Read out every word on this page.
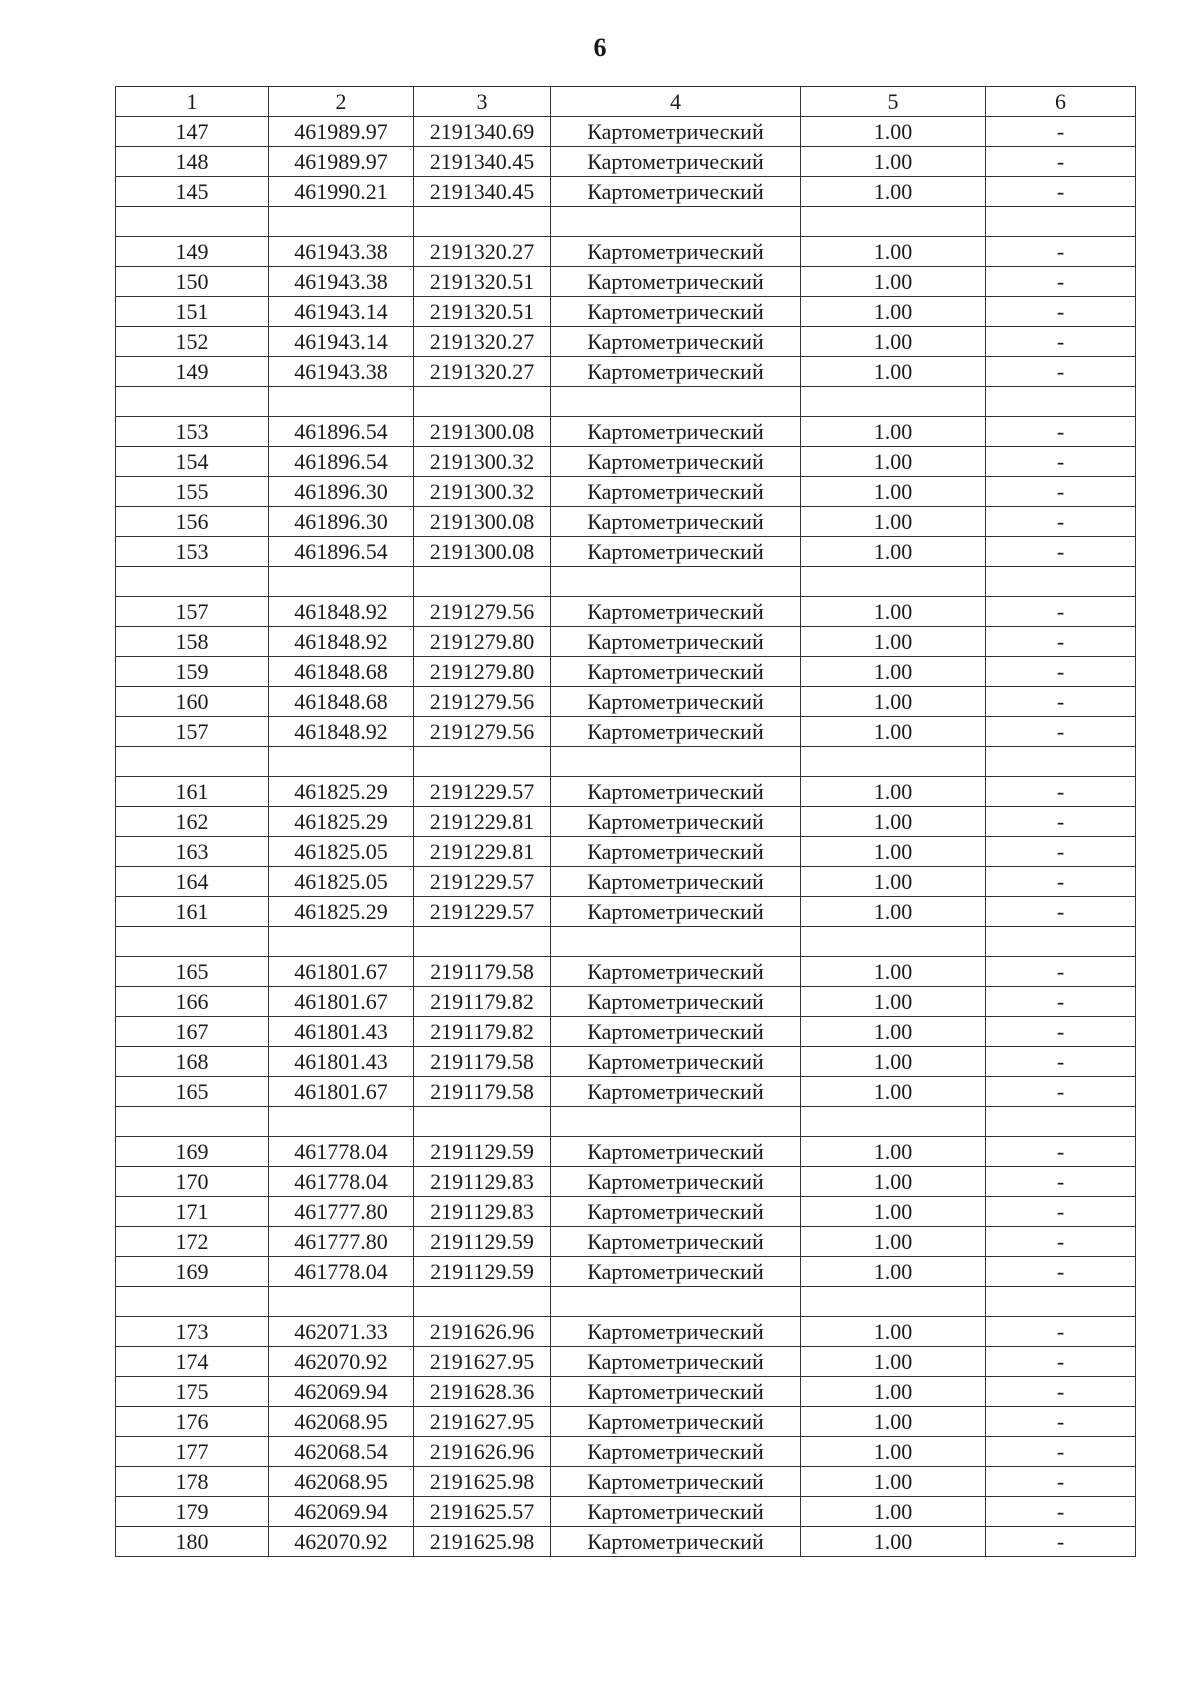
6
1	2	3	4	5	6
147	461989.97	2191340.69	Картометрический	1.00	-
148	461989.97	2191340.45	Картометрический	1.00	-
145	461990.21	2191340.45	Картометрический	1.00	-

149	461943.38	2191320.27	Картометрический	1.00	-
150	461943.38	2191320.51	Картометрический	1.00	-
151	461943.14	2191320.51	Картометрический	1.00	-
152	461943.14	2191320.27	Картометрический	1.00	-
149	461943.38	2191320.27	Картометрический	1.00	-

153	461896.54	2191300.08	Картометрический	1.00	-
154	461896.54	2191300.32	Картометрический	1.00	-
155	461896.30	2191300.32	Картометрический	1.00	-
156	461896.30	2191300.08	Картометрический	1.00	-
153	461896.54	2191300.08	Картометрический	1.00	-

157	461848.92	2191279.56	Картометрический	1.00	-
158	461848.92	2191279.80	Картометрический	1.00	-
159	461848.68	2191279.80	Картометрический	1.00	-
160	461848.68	2191279.56	Картометрический	1.00	-
157	461848.92	2191279.56	Картометрический	1.00	-

161	461825.29	2191229.57	Картометрический	1.00	-
162	461825.29	2191229.81	Картометрический	1.00	-
163	461825.05	2191229.81	Картометрический	1.00	-
164	461825.05	2191229.57	Картометрический	1.00	-
161	461825.29	2191229.57	Картометрический	1.00	-

165	461801.67	2191179.58	Картометрический	1.00	-
166	461801.67	2191179.82	Картометрический	1.00	-
167	461801.43	2191179.82	Картометрический	1.00	-
168	461801.43	2191179.58	Картометрический	1.00	-
165	461801.67	2191179.58	Картометрический	1.00	-

169	461778.04	2191129.59	Картометрический	1.00	-
170	461778.04	2191129.83	Картометрический	1.00	-
171	461777.80	2191129.83	Картометрический	1.00	-
172	461777.80	2191129.59	Картометрический	1.00	-
169	461778.04	2191129.59	Картометрический	1.00	-

173	462071.33	2191626.96	Картометрический	1.00	-
174	462070.92	2191627.95	Картометрический	1.00	-
175	462069.94	2191628.36	Картометрический	1.00	-
176	462068.95	2191627.95	Картометрический	1.00	-
177	462068.54	2191626.96	Картометрический	1.00	-
178	462068.95	2191625.98	Картометрический	1.00	-
179	462069.94	2191625.57	Картометрический	1.00	-
180	462070.92	2191625.98	Картометрический	1.00	-
